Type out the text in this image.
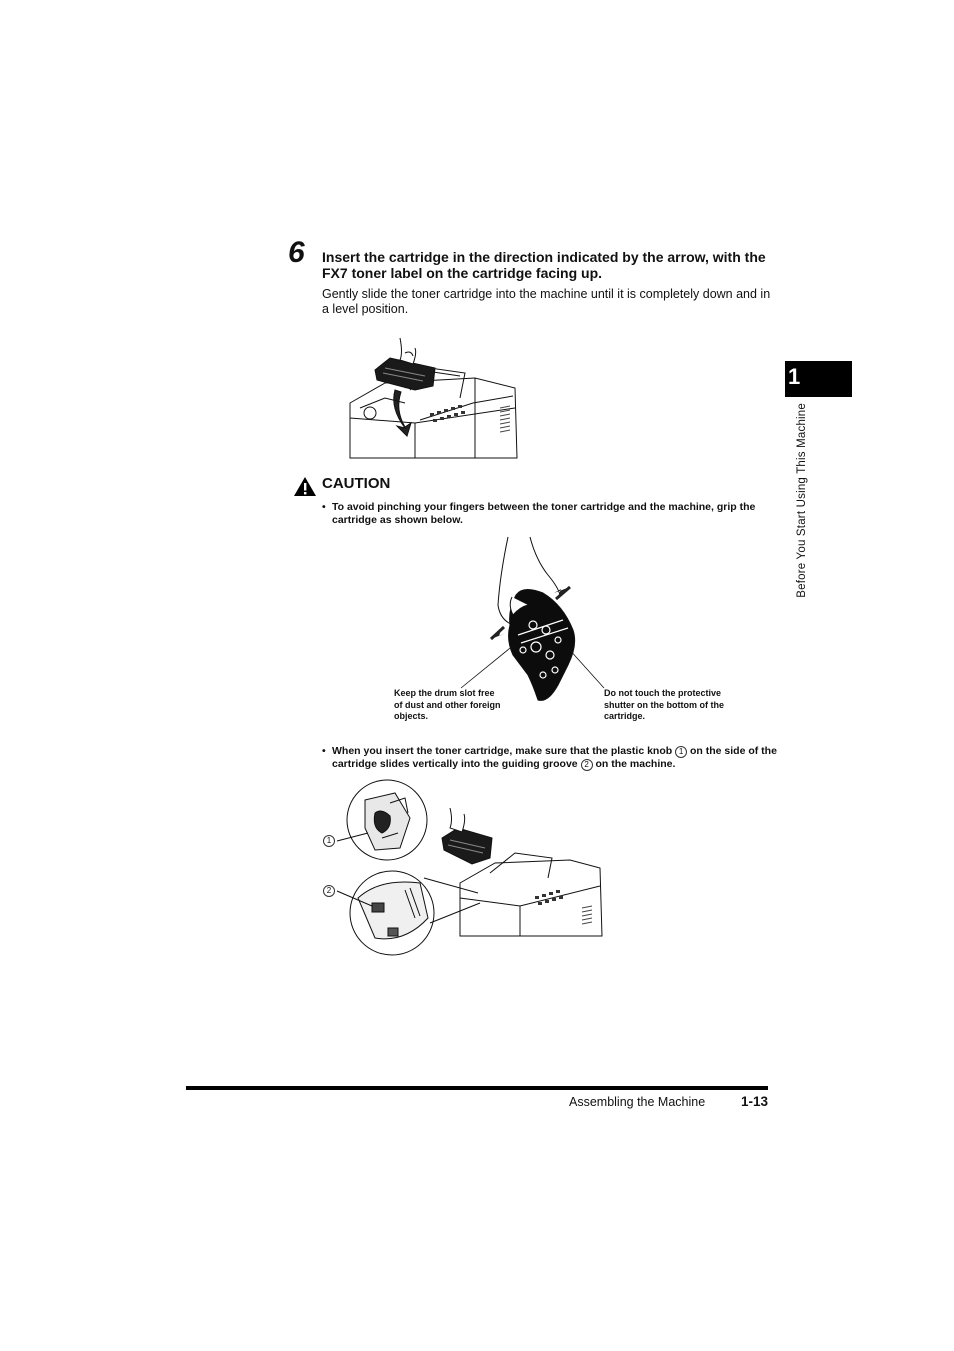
6 Insert the cartridge in the direction indicated by the arrow, with the FX7 toner label on the cartridge facing up.
Gently slide the toner cartridge into the machine until it is completely down and in a level position.
CAUTION
• To avoid pinching your fingers between the toner cartridge and the machine, grip the cartridge as shown below.
Keep the drum slot free of dust and other foreign objects.
Do not touch the protective shutter on the bottom of the cartridge.
• When you insert the toner cartridge, make sure that the plastic knob 1 on the side of the cartridge slides vertically into the guiding groove 2 on the machine.
1
2
1
Before You Start Using This Machine
Assembling the Machine	1-13
